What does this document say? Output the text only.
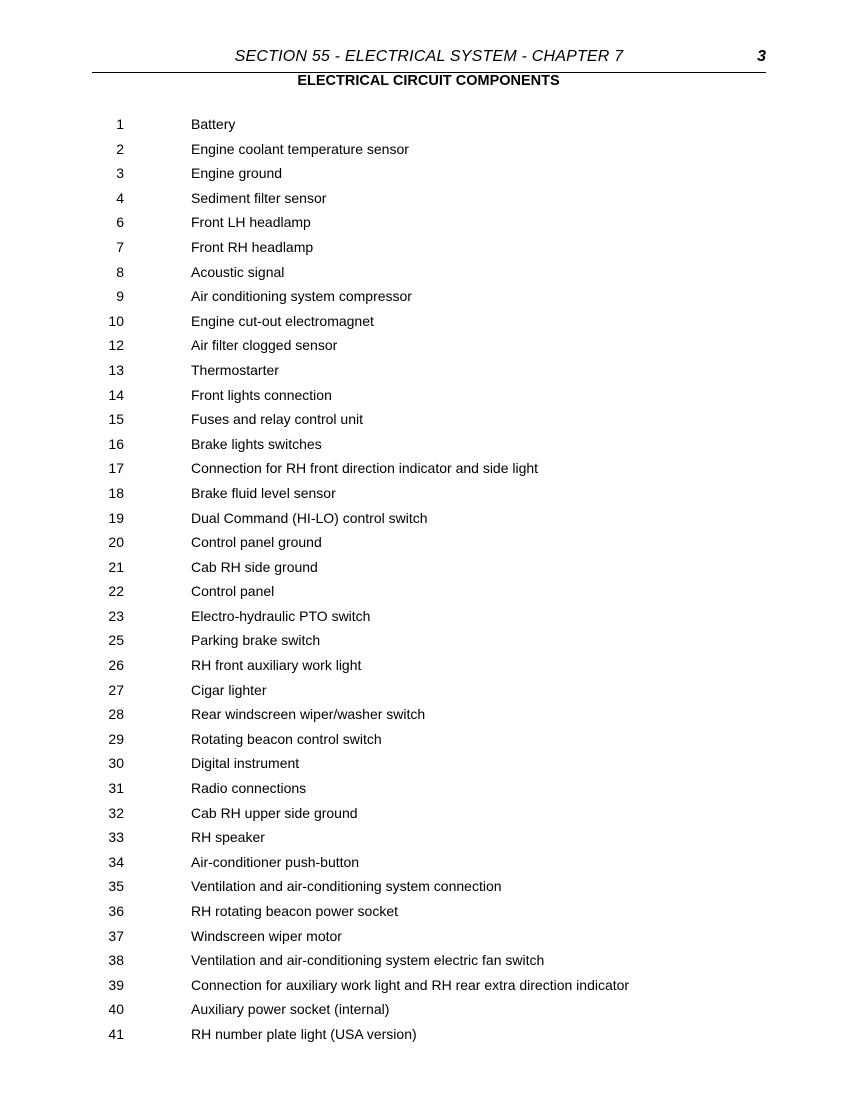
SECTION 55 - ELECTRICAL SYSTEM - CHAPTER 7	3
ELECTRICAL CIRCUIT COMPONENTS
1	Battery
2	Engine coolant temperature sensor
3	Engine ground
4	Sediment filter sensor
6	Front LH headlamp
7	Front RH headlamp
8	Acoustic signal
9	Air conditioning system compressor
10	Engine cut-out electromagnet
12	Air filter clogged sensor
13	Thermostarter
14	Front lights connection
15	Fuses and relay control unit
16	Brake lights switches
17	Connection for RH front direction indicator and side light
18	Brake fluid level sensor
19	Dual Command (HI-LO) control switch
20	Control panel ground
21	Cab RH side ground
22	Control panel
23	Electro-hydraulic PTO switch
25	Parking brake switch
26	RH front auxiliary work light
27	Cigar lighter
28	Rear windscreen wiper/washer switch
29	Rotating beacon control switch
30	Digital instrument
31	Radio connections
32	Cab RH upper side ground
33	RH speaker
34	Air-conditioner push-button
35	Ventilation and air-conditioning system connection
36	RH rotating beacon power socket
37	Windscreen wiper motor
38	Ventilation and air-conditioning system electric fan switch
39	Connection for auxiliary work light and RH rear extra direction indicator
40	Auxiliary power socket (internal)
41	RH number plate light (USA version)
